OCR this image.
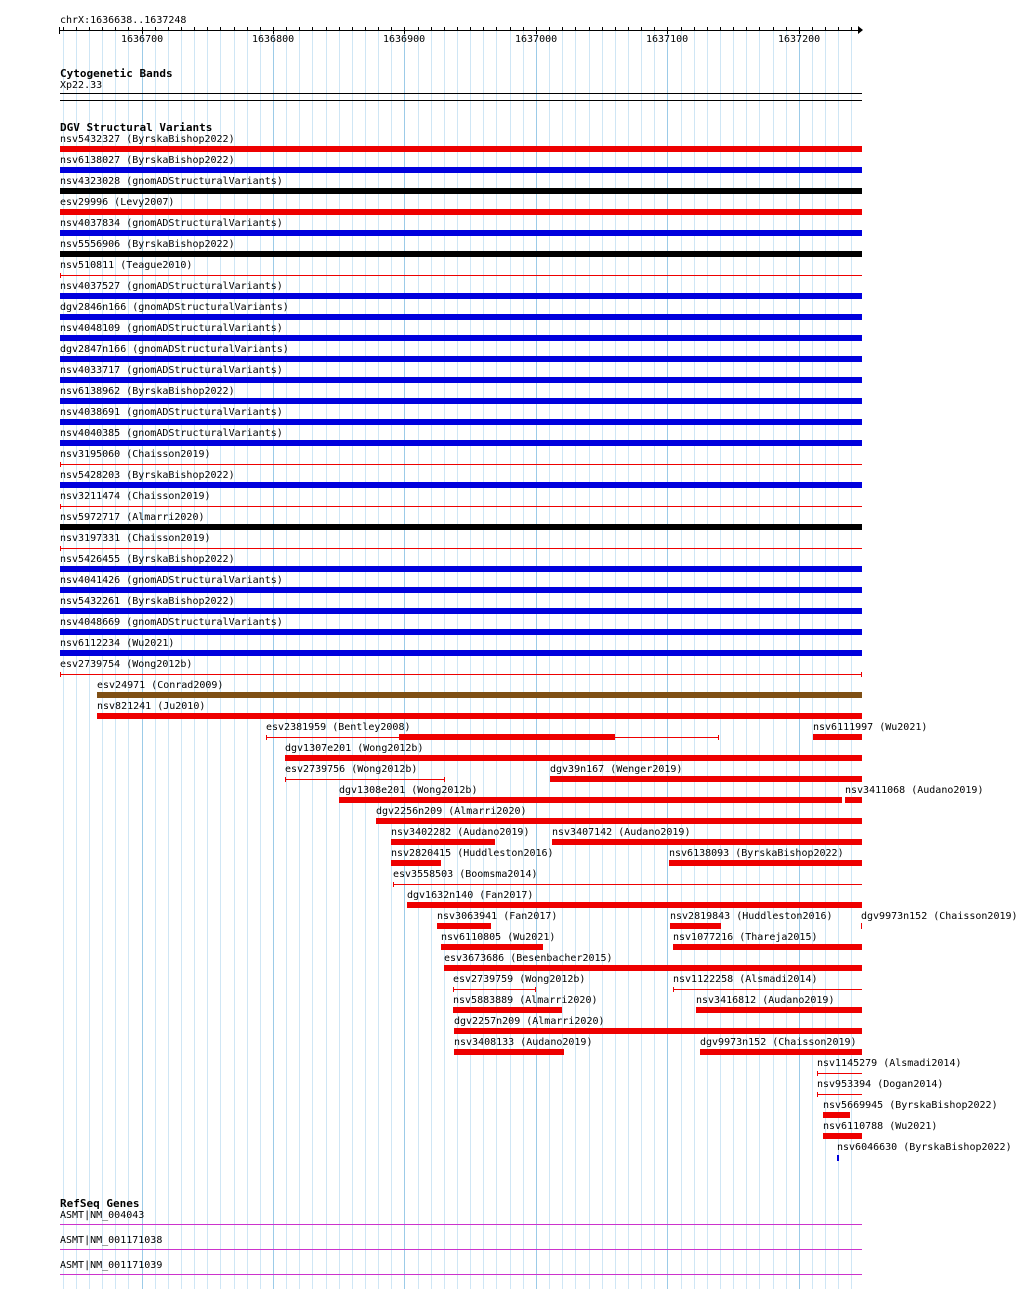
chrX:1636638..1637248
1636700	1636800	1636900	1637000	1637100	1637200
Cytogenetic Bands
Xp22.33
DGV Structural Variants
nsv5432327 (ByrskaBishop2022)
nsv6138027 (ByrskaBishop2022)
nsv4323028 (gnomADStructuralVariants)
esv29996 (Levy2007)
nsv4037834 (gnomADStructuralVariants)
nsv5556906 (ByrskaBishop2022)
nsv510811 (Teague2010)
nsv4037527 (gnomADStructuralVariants)
dgv2846n166 (gnomADStructuralVariants)
nsv4048109 (gnomADStructuralVariants)
dgv2847n166 (gnomADStructuralVariants)
nsv4033717 (gnomADStructuralVariants)
nsv6138962 (ByrskaBishop2022)
nsv4038691 (gnomADStructuralVariants)
nsv4040385 (gnomADStructuralVariants)
nsv3195060 (Chaisson2019)
nsv5428203 (ByrskaBishop2022)
nsv3211474 (Chaisson2019)
nsv5972717 (Almarri2020)
nsv3197331 (Chaisson2019)
nsv5426455 (ByrskaBishop2022)
nsv4041426 (gnomADStructuralVariants)
nsv5432261 (ByrskaBishop2022)
nsv4048669 (gnomADStructuralVariants)
nsv6112234 (Wu2021)
esv2739754 (Wong2012b)
esv24971 (Conrad2009)
nsv821241 (Ju2010)
esv2381959 (Bentley2008)	nsv6111997 (Wu2021)
dgv1307e201 (Wong2012b)
esv2739756 (Wong2012b)	dgv39n167 (Wenger2019)
dgv1308e201 (Wong2012b)	nsv3411068 (Audano2019)
dgv2256n209 (Almarri2020)
nsv3402282 (Audano2019) nsv3407142 (Audano2019)
nsv2820415 (Huddleston2016)	nsv6138093 (ByrskaBishop2022)
esv3558503 (Boomsma2014)
dgv1632n140 (Fan2017)
nsv3063941 (Fan2017)	nsv2819843 (Huddleston2016)	dgv9973n152 (Chaisson2019)
nsv6110805 (Wu2021)	nsv1077216 (Thareja2015)
esv3673686 (Besenbacher2015)
esv2739759 (Wong2012b)	nsv1122258 (Alsmadi2014)
nsv5883889 (Almarri2020)	nsv3416812 (Audano2019)
dgv2257n209 (Almarri2020)
nsv3408133 (Audano2019)	dgv9973n152 (Chaisson2019)
nsv1145279 (Alsmadi2014)
nsv953394 (Dogan2014)
nsv5669945 (ByrskaBishop2022)
nsv6110788 (Wu2021)
nsv6046630 (ByrskaBishop2022)
RefSeq Genes
ASMT|NM_004043
ASMT|NM_001171038
ASMT|NM_001171039
